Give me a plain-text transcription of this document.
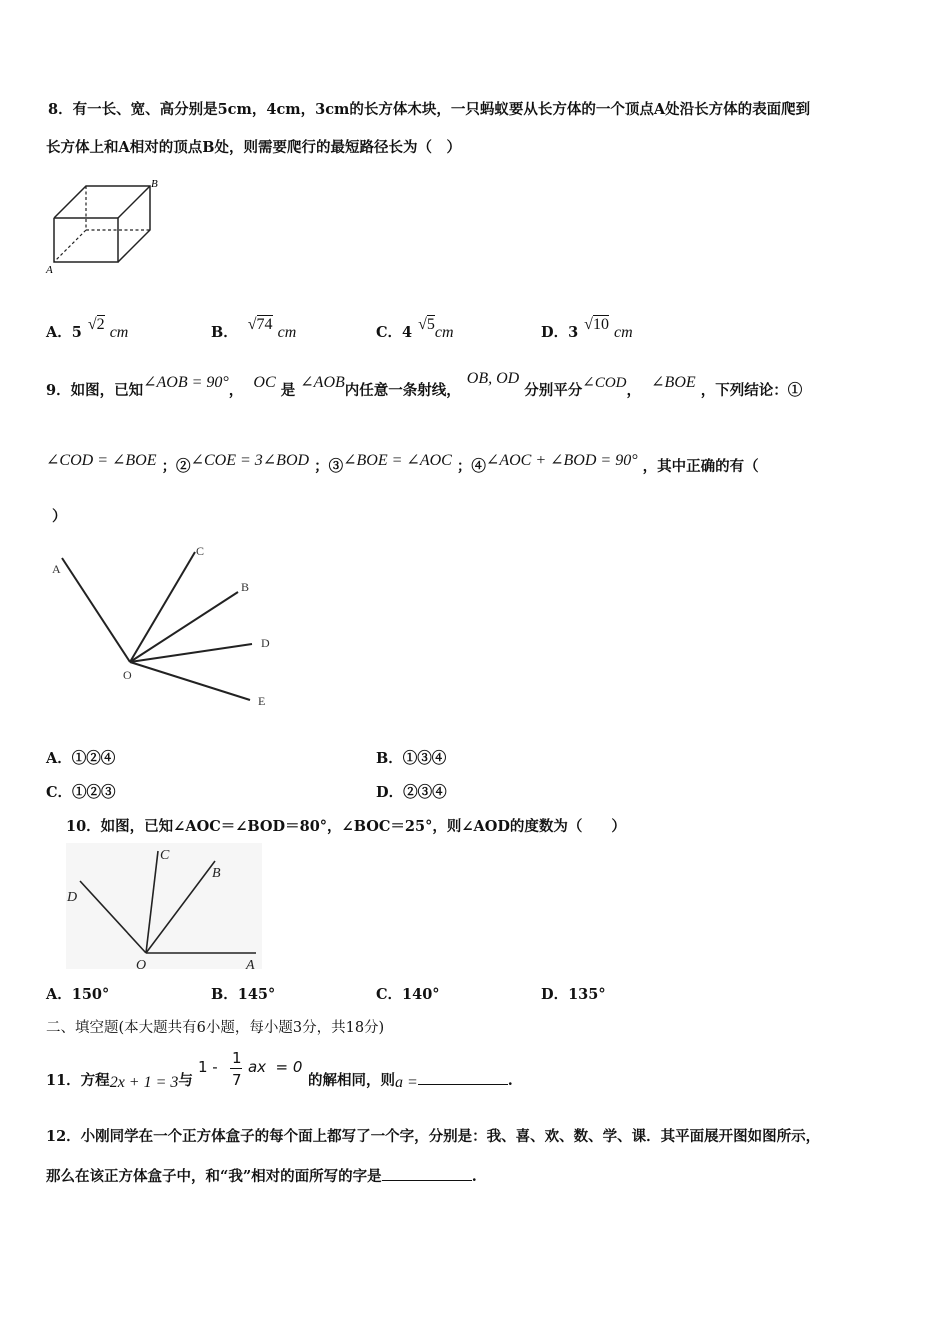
8．有一长、宽、高分别是5cm，4cm，3cm的长方体木块，一只蚂蚁要从长方体的一个顶点A处沿长方体的表面爬到
长方体上和A相对的顶点B处，则需要爬行的最短路径长为（　）
A
B
A．5 √2 cm	B． √74 cm	C．4 √5cm	D．3 √10 cm
9．如图，已知∠AOB = 90°， OC 是 ∠AOB内任意一条射线，OB, OD 分别平分∠COD， ∠BOE ，下列结论：①
∠COD = ∠BOE ；②∠COE = 3∠BOD ；③∠BOE = ∠AOC ；④∠AOC + ∠BOD = 90° ，其中正确的有（
）
A
C
B
D
O
E
A．①②④	B．①③④
C．①②③	D．②③④
10．如图，已知∠AOC＝∠BOD＝80°，∠BOC＝25°，则∠AOD的度数为（　　）
C
B
D
O	A
A．150°	B．145°	C．140°	D．135°
二、填空题(本大题共有6小题，每小题3分，共18分)
11．方程2x + 1 = 3与
1 - 1
7
ax  = 0
的解相同，则a =	.
12．小刚同学在一个正方体盒子的每个面上都写了一个字，分别是：我、喜、欢、数、学、课．其平面展开图如图所示，
那么在该正方体盒子中，和“我”相对的面所写的字是	.
